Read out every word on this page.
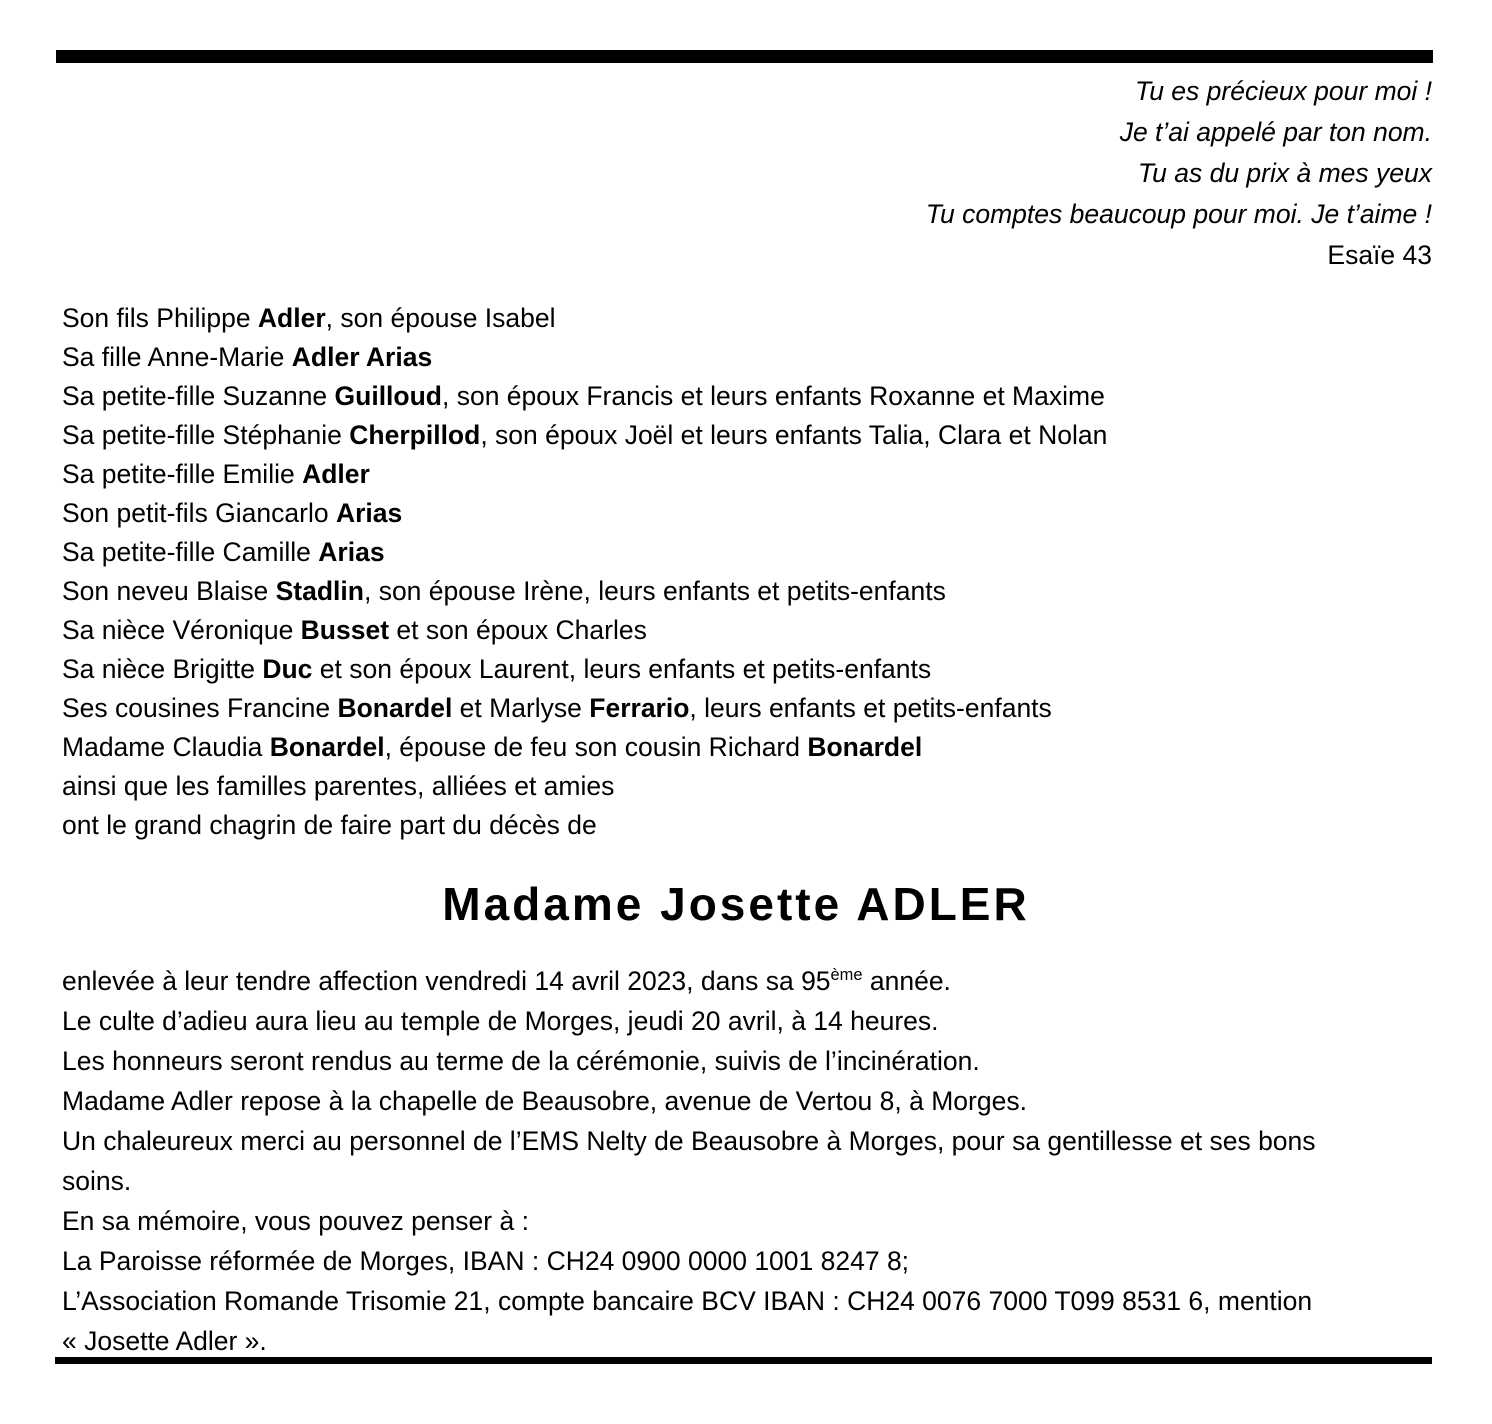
Tu es précieux pour moi !
Je t’ai appelé par ton nom.
Tu as du prix à mes yeux
Tu comptes beaucoup pour moi. Je t’aime !
Esaïe 43
Son fils Philippe Adler, son épouse Isabel
Sa fille Anne-Marie Adler Arias
Sa petite-fille Suzanne Guilloud, son époux Francis et leurs enfants Roxanne et Maxime
Sa petite-fille Stéphanie Cherpillod, son époux Joël et leurs enfants Talia, Clara et Nolan
Sa petite-fille Emilie Adler
Son petit-fils Giancarlo Arias
Sa petite-fille Camille Arias
Son neveu Blaise Stadlin, son épouse Irène, leurs enfants et petits-enfants
Sa nièce Véronique Busset et son époux Charles
Sa nièce Brigitte Duc et son époux Laurent, leurs enfants et petits-enfants
Ses cousines Francine Bonardel et Marlyse Ferrario, leurs enfants et petits-enfants
Madame Claudia Bonardel, épouse de feu son cousin Richard Bonardel
ainsi que les familles parentes, alliées et amies
ont le grand chagrin de faire part du décès de
Madame Josette ADLER
enlevée à leur tendre affection vendredi 14 avril 2023, dans sa 95ème année.
Le culte d’adieu aura lieu au temple de Morges, jeudi 20 avril, à 14 heures.
Les honneurs seront rendus au terme de la cérémonie, suivis de l’incinération.
Madame Adler repose à la chapelle de Beausobre, avenue de Vertou 8, à Morges.
Un chaleureux merci au personnel de l’EMS Nelty de Beausobre à Morges, pour sa gentillesse et ses bons
soins.
En sa mémoire, vous pouvez penser à :
La Paroisse réformée de Morges, IBAN : CH24 0900 0000 1001 8247 8;
L’Association Romande Trisomie 21, compte bancaire BCV IBAN : CH24 0076 7000 T099 8531 6, mention
« Josette Adler ».
